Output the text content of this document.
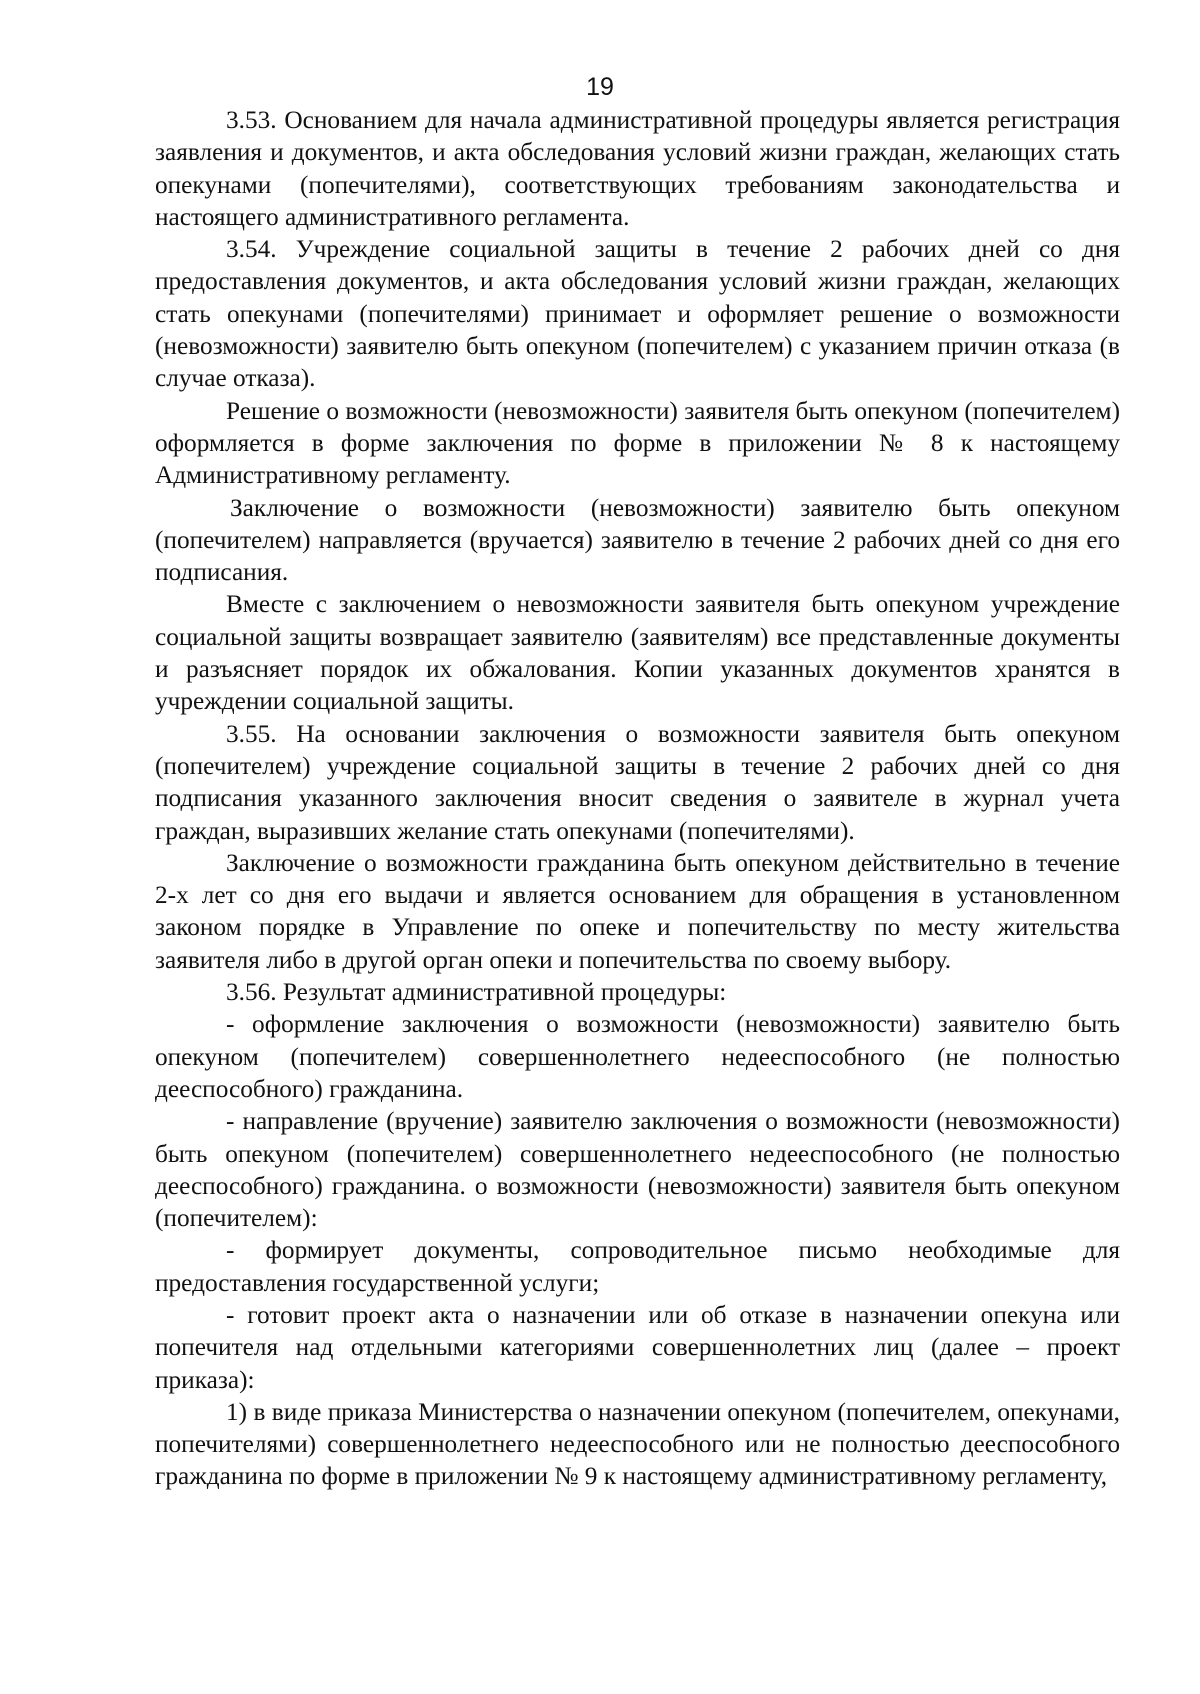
19

3.53. Основанием для начала административной процедуры является регистрация заявления и документов, и акта обследования условий жизни граждан, желающих стать опекунами (попечителями), соответствующих требованиям законодательства и настоящего административного регламента.

3.54. Учреждение социальной защиты в течение 2 рабочих дней со дня предоставления документов, и акта обследования условий жизни граждан, желающих стать опекунами (попечителями) принимает и оформляет решение о возможности (невозможности) заявителю быть опекуном (попечителем) с указанием причин отказа (в случае отказа).

Решение о возможности (невозможности) заявителя быть опекуном (попечителем) оформляется в форме заключения по форме в приложении № 8 к настоящему Административному регламенту.

Заключение о возможности (невозможности) заявителю быть опекуном (попечителем) направляется (вручается) заявителю в течение 2 рабочих дней со дня его подписания.

Вместе с заключением о невозможности заявителя быть опекуном учреждение социальной защиты возвращает заявителю (заявителям) все представленные документы и разъясняет порядок их обжалования. Копии указанных документов хранятся в учреждении социальной защиты.

3.55. На основании заключения о возможности заявителя быть опекуном (попечителем) учреждение социальной защиты в течение 2 рабочих дней со дня подписания указанного заключения вносит сведения о заявителе в журнал учета граждан, выразивших желание стать опекунами (попечителями).

Заключение о возможности гражданина быть опекуном действительно в течение 2-х лет со дня его выдачи и является основанием для обращения в установленном законом порядке в Управление по опеке и попечительству по месту жительства заявителя либо в другой орган опеки и попечительства по своему выбору.

3.56. Результат административной процедуры:

- оформление заключения о возможности (невозможности) заявителю быть опекуном (попечителем) совершеннолетнего недееспособного (не полностью дееспособного) гражданина.

- направление (вручение) заявителю заключения о возможности (невозможности) быть опекуном (попечителем) совершеннолетнего недееспособного (не полностью дееспособного) гражданина. о возможности (невозможности) заявителя быть опекуном (попечителем):

- формирует документы, сопроводительное письмо необходимые для предоставления государственной услуги;

- готовит проект акта о назначении или об отказе в назначении опекуна или попечителя над отдельными категориями совершеннолетних лиц (далее – проект приказа):

1) в виде приказа Министерства о назначении опекуном (попечителем, опекунами, попечителями) совершеннолетнего недееспособного или не полностью дееспособного гражданина по форме в приложении № 9 к настоящему административному регламенту,
